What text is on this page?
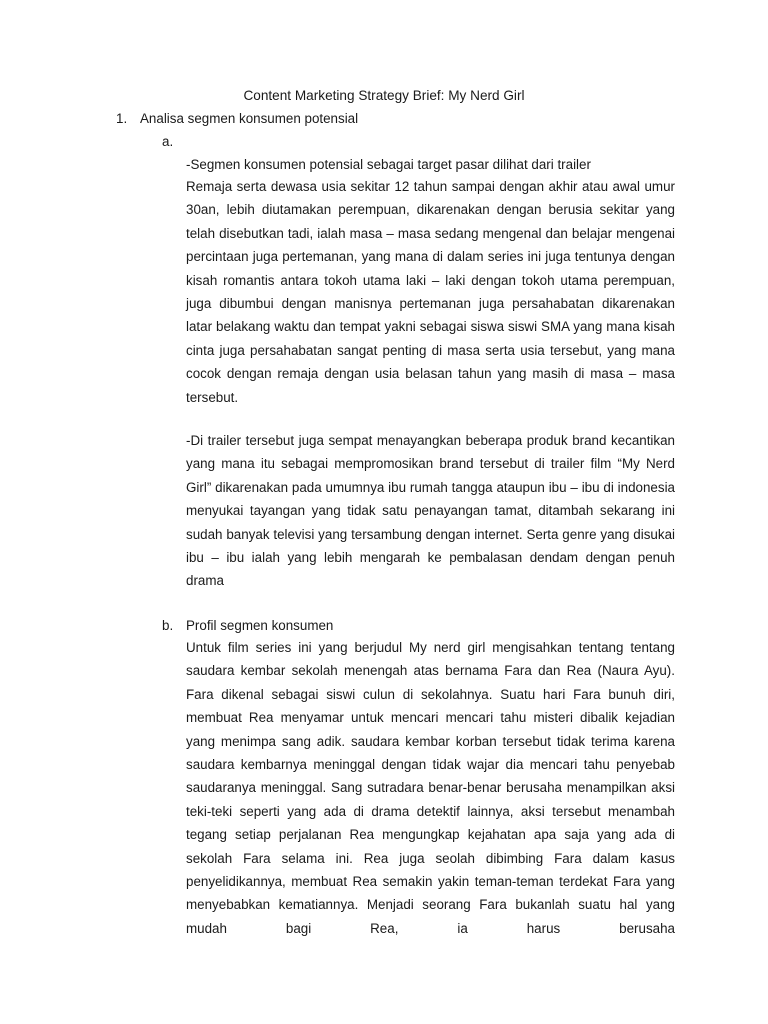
Content Marketing Strategy Brief: My Nerd Girl

1. Analisa segmen konsumen potensial
a.
-Segmen konsumen potensial sebagai target pasar dilihat dari trailer

Remaja serta dewasa usia sekitar 12 tahun sampai dengan akhir atau awal umur 30an, lebih diutamakan perempuan, dikarenakan dengan berusia sekitar yang telah disebutkan tadi, ialah masa – masa sedang mengenal dan belajar mengenai percintaan juga pertemanan, yang mana di dalam series ini juga tentunya dengan kisah romantis antara tokoh utama laki – laki dengan tokoh utama perempuan, juga dibumbui dengan manisnya pertemanan juga persahabatan dikarenakan latar belakang waktu dan tempat yakni sebagai siswa siswi SMA yang mana kisah cinta juga persahabatan sangat penting di masa serta usia tersebut, yang mana cocok dengan remaja dengan usia belasan tahun yang masih di masa – masa tersebut.

-Di trailer tersebut juga sempat menayangkan beberapa produk brand kecantikan yang mana itu sebagai mempromosikan brand tersebut di trailer film “My Nerd Girl” dikarenakan pada umumnya ibu rumah tangga ataupun ibu – ibu di indonesia menyukai tayangan yang tidak satu penayangan tamat, ditambah sekarang ini sudah banyak televisi yang tersambung dengan internet. Serta genre yang disukai ibu – ibu ialah yang lebih mengarah ke pembalasan dendam dengan penuh drama

b. Profil segmen konsumen

Untuk film series ini yang berjudul My nerd girl mengisahkan tentang tentang saudara kembar sekolah menengah atas bernama Fara dan Rea (Naura Ayu). Fara dikenal sebagai siswi culun di sekolahnya. Suatu hari Fara bunuh diri, membuat Rea menyamar untuk mencari mencari tahu misteri dibalik kejadian yang menimpa sang adik. saudara kembar korban tersebut tidak terima karena saudara kembarnya meninggal dengan tidak wajar dia mencari tahu penyebab saudaranya meninggal. Sang sutradara benar-benar berusaha menampilkan aksi teki-teki seperti yang ada di drama detektif lainnya, aksi tersebut menambah tegang setiap perjalanan Rea mengungkap kejahatan apa saja yang ada di sekolah Fara selama ini. Rea juga seolah dibimbing Fara dalam kasus penyelidikannya, membuat Rea semakin yakin teman-teman terdekat Fara yang menyebabkan kematiannya. Menjadi seorang Fara bukanlah suatu hal yang mudah bagi Rea, ia harus berusaha
